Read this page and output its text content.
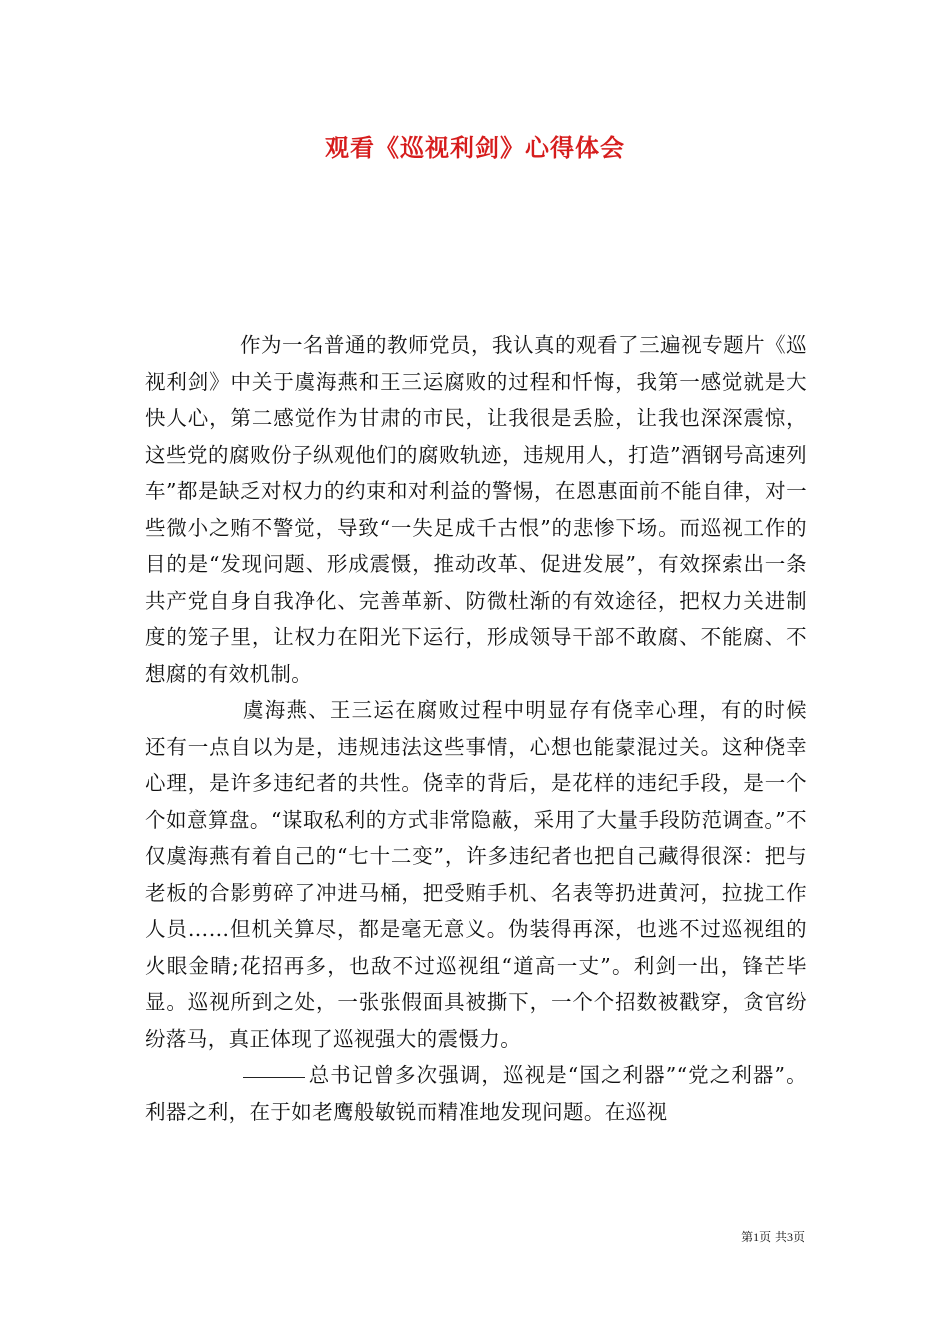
观看《巡视利剑》心得体会

作为一名普通的教师党员，我认真的观看了三遍视专题片《巡视利剑》中关于虞海燕和王三运腐败的过程和忏悔，我第一感觉就是大快人心，第二感觉作为甘肃的市民，让我很是丢脸，让我也深深震惊，这些党的腐败份子纵观他们的腐败轨迹，违规用人，打造”酒钢号高速列车”都是缺乏对权力的约束和对利益的警惕，在恩惠面前不能自律，对一些微小之贿不警觉，导致“一失足成千古恨”的悲惨下场。而巡视工作的目的是“发现问题、形成震慑，推动改革、促进发展”，有效探索出一条共产党自身自我净化、完善革新、防微杜渐的有效途径，把权力关进制度的笼子里，让权力在阳光下运行，形成领导干部不敢腐、不能腐、不想腐的有效机制。

虞海燕、王三运在腐败过程中明显存有侥幸心理，有的时候还有一点自以为是，违规违法这些事情，心想也能蒙混过关。这种侥幸心理，是许多违纪者的共性。侥幸的背后，是花样的违纪手段，是一个个如意算盘。“谋取私利的方式非常隐蔽，采用了大量手段防范调查。”不仅虞海燕有着自己的“七十二变”，许多违纪者也把自己藏得很深：把与老板的合影剪碎了冲进马桶，把受贿手机、名表等扔进黄河，拉拢工作人员……但机关算尽，都是毫无意义。伪装得再深，也逃不过巡视组的火眼金睛;花招再多，也敌不过巡视组“道高一丈”。利剑一出，锋芒毕显。巡视所到之处，一张张假面具被撕下，一个个招数被戳穿，贪官纷纷落马，真正体现了巡视强大的震慑力。

总书记曾多次强调，巡视是“国之利器”“党之利器”。利器之利，在于如老鹰般敏锐而精准地发现问题。在巡视

第1页 共3页
